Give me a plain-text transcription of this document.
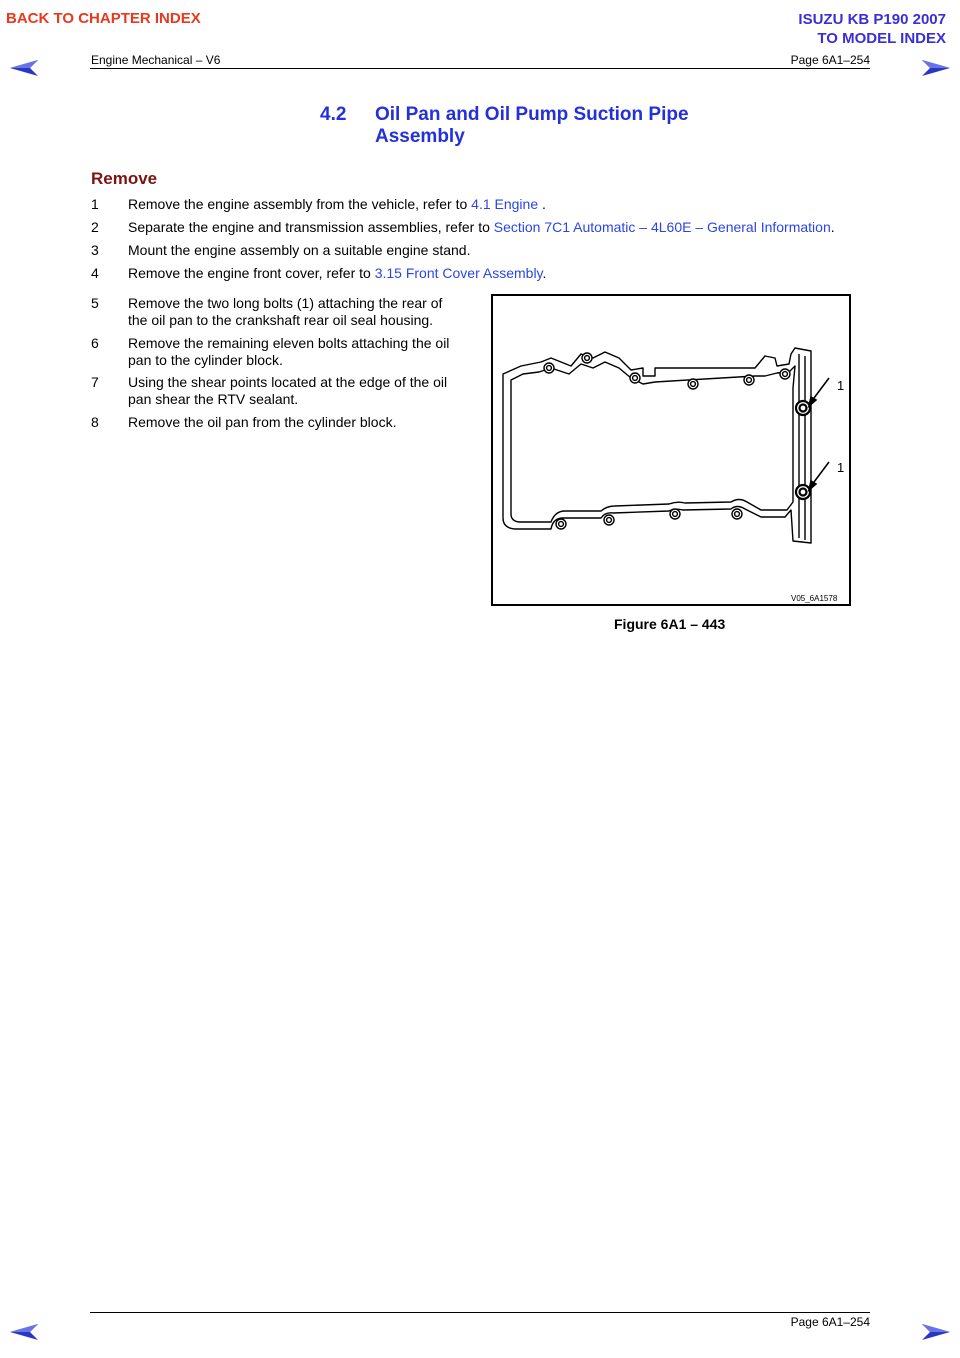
BACK TO CHAPTER INDEX	ISUZU KB P190 2007
TO MODEL INDEX
Engine Mechanical – V6	Page 6A1–254
4.2 Oil Pan and Oil Pump Suction Pipe
Assembly
Remove
1 Remove the engine assembly from the vehicle, refer to 4.1 Engine .
2 Separate the engine and transmission assemblies, refer to Section 7C1 Automatic – 4L60E – General Information.
3 Mount the engine assembly on a suitable engine stand.
4 Remove the engine front cover, refer to 3.15 Front Cover Assembly.
5 Remove the two long bolts (1) attaching the rear of
the oil pan to the crankshaft rear oil seal housing.
6 Remove the remaining eleven bolts attaching the oil
pan to the cylinder block.
7 Using the shear points located at the edge of the oil
pan shear the RTV sealant.
8 Remove the oil pan from the cylinder block.
1
1
V05_6A1578
Figure 6A1 – 443
Page 6A1–254
